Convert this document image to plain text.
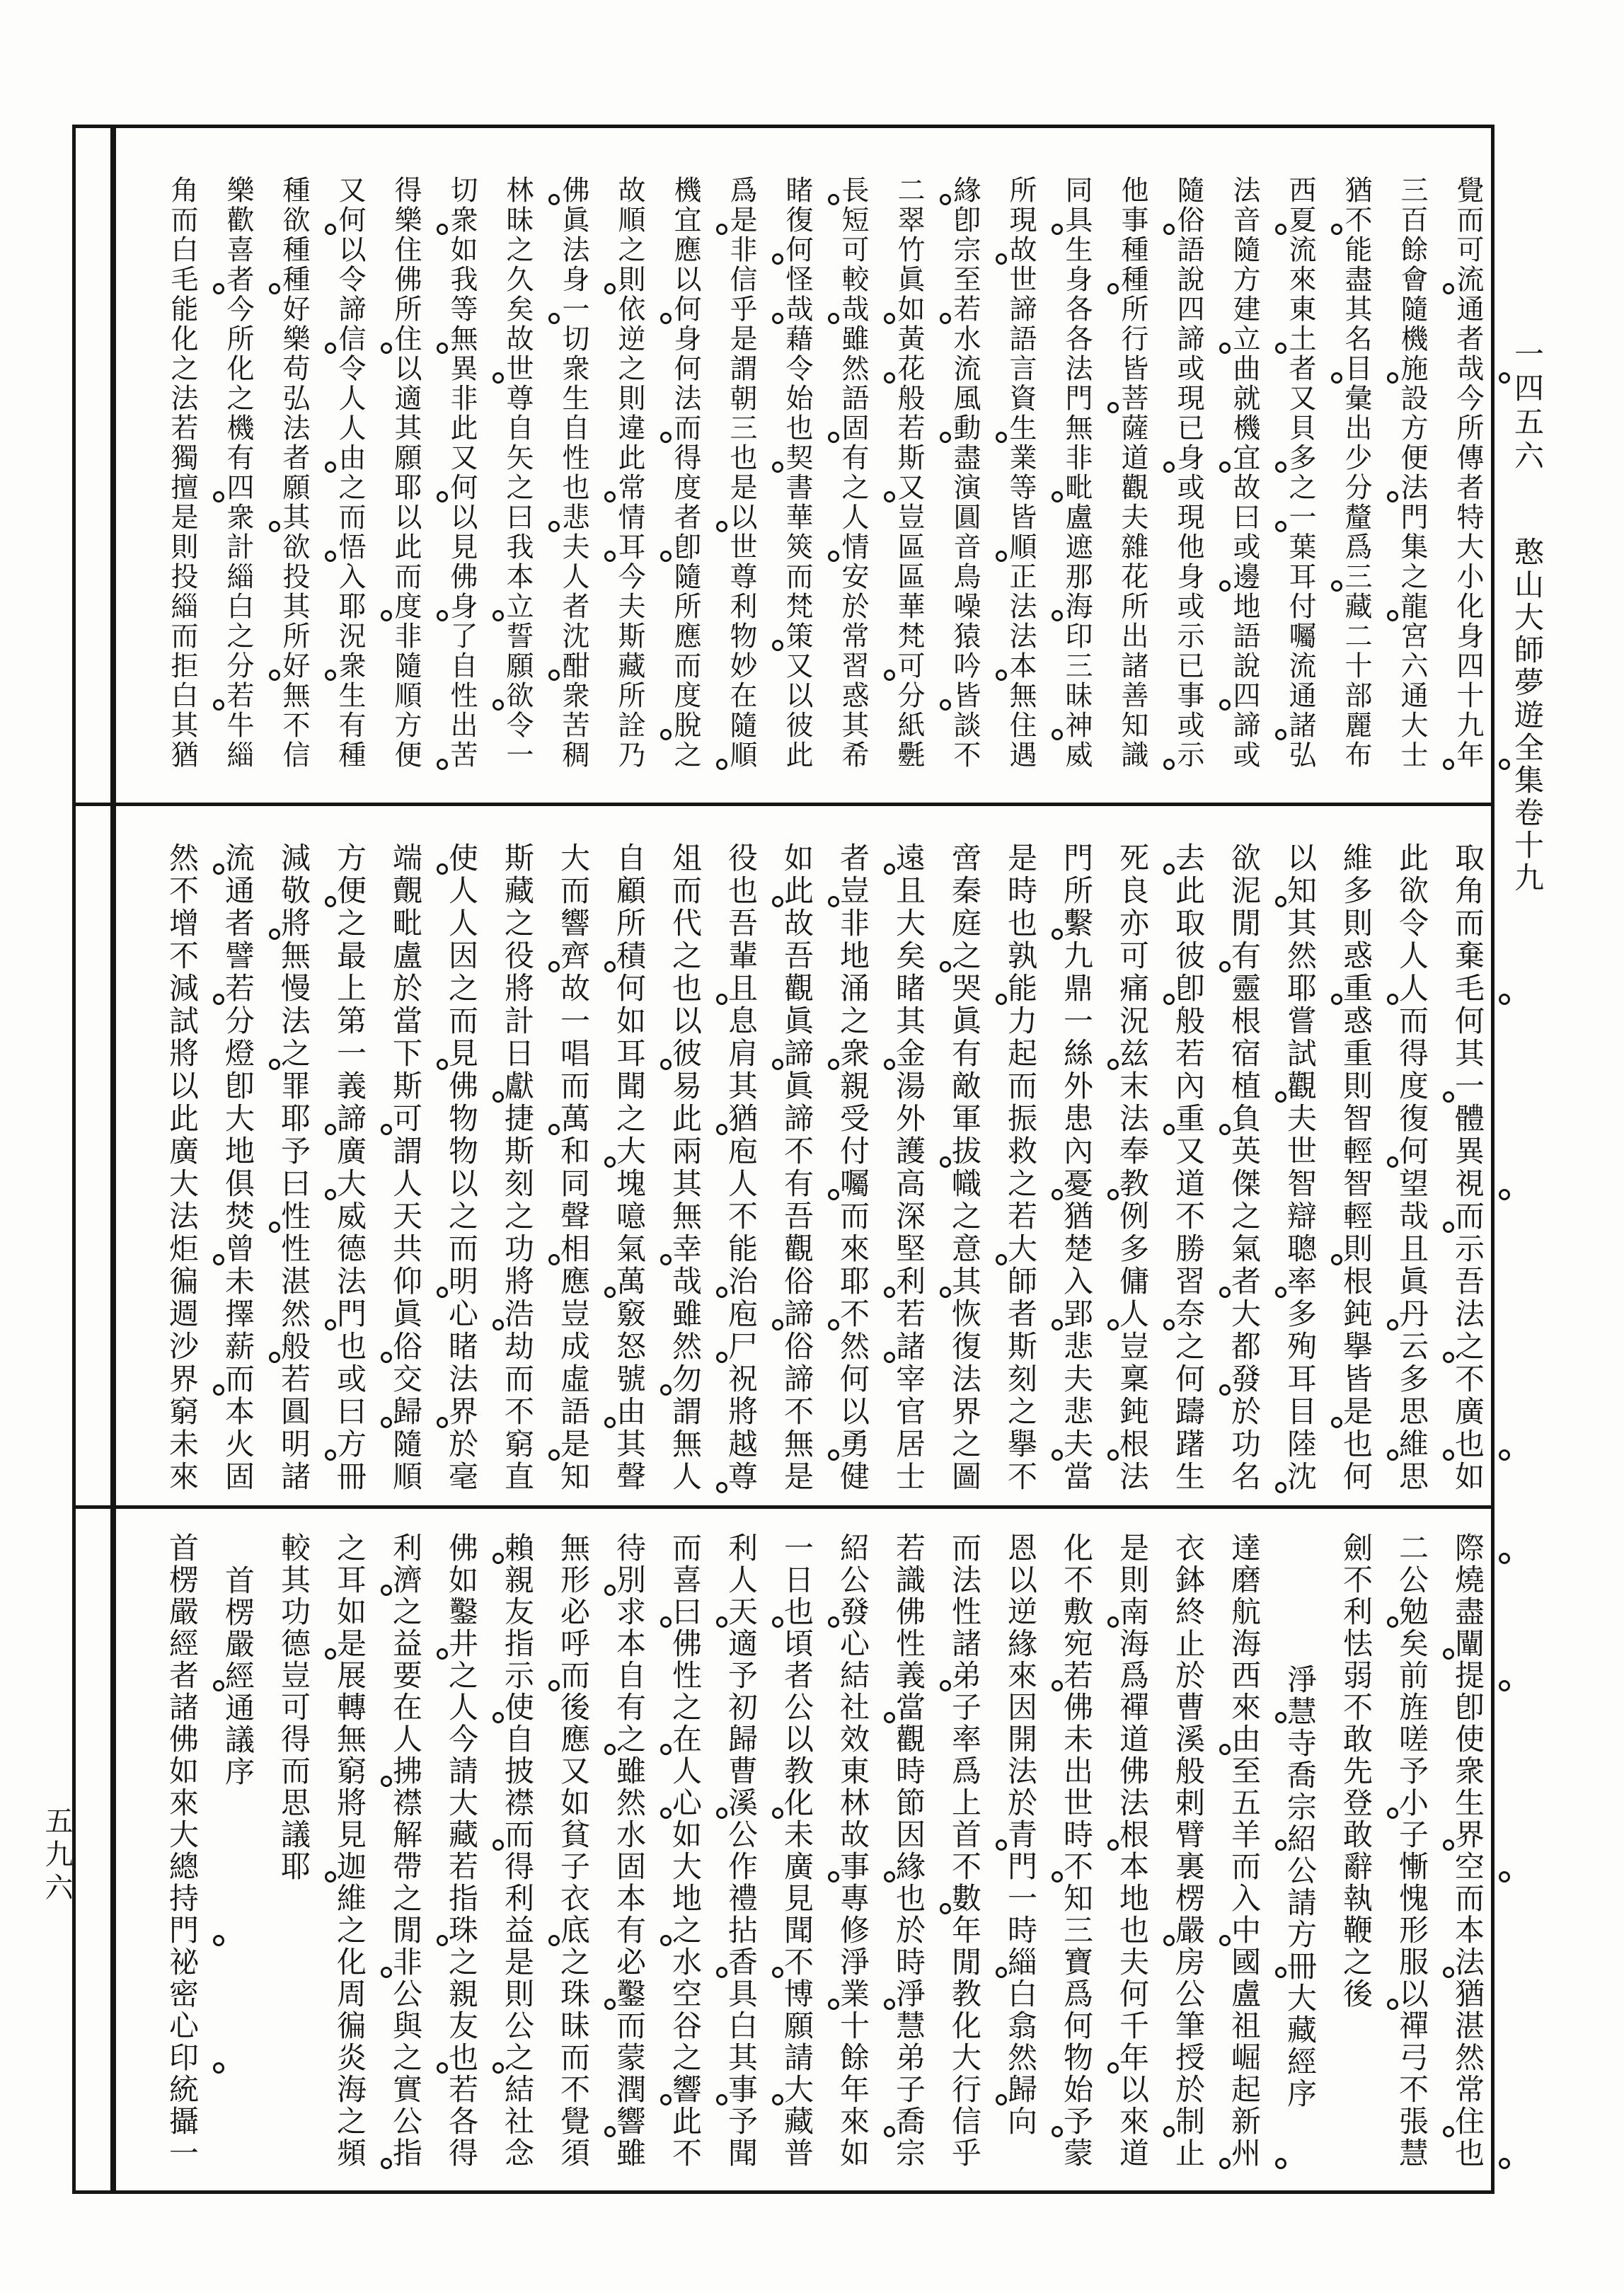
一四五六
憨山大師夢遊全集卷十九
五九六
覺而可流通者哉今所傳者特大小化身四十九年
三百餘會隨機施設方便法門集之龍宮六通大士
猶不能盡其名目彙出少分釐爲三藏二十部麗布
西夏流來東土者又貝多之一葉耳付囑流通諸弘
法音隨方建立曲就機宜故曰或邊地語說四諦或
隨俗語說四諦或現已身或現他身或示已事或示
他事種種所行皆菩薩道觀夫雜花所出諸善知識
同具生身各各法門無非毗盧遮那海印三昧神威
所現故世諦語言資生業等皆順正法法本無住遇
緣卽宗至若水流風動盡演圓音鳥噪猿吟皆談不
二翠竹眞如黃花般若斯又豈區區華梵可分紙氎
長短可較哉雖然語固有之人情安於常習惑其希
睹復何怪哉藉令始也契書華筴而梵策又以彼此
爲是非信乎是謂朝三也是以世尊利物妙在隨順
機宜應以何身何法而得度者卽隨所應而度脫之
故順之則依逆之則違此常情耳今夫斯藏所詮乃
佛眞法身一切衆生自性也悲夫人者沈酣衆苦稠
林昧之久矣故世尊自矢之曰我本立誓願欲令一
切衆如我等無異非此又何以見佛身了自性出苦
得樂住佛所住以適其願耶以此而度非隨順方便
又何以令諦信令人人由之而悟入耶況衆生有種
種欲種種好樂苟弘法者願其欲投其所好無不信
樂歡喜者今所化之機有四衆計緇白之分若牛緇
角而白毛能化之法若獨擅是則投緇而拒白其猶
取角而棄毛何其一體異視而示吾法之不廣也如
此欲令人人而得度復何望哉且眞丹云多思維思
維多則惑重惑重則智輕智輕則根鈍擧皆是也何
以知其然耶嘗試觀夫世智辯聰率多殉耳目陸沈
欲泥閒有靈根宿植負英傑之氣者大都發於功名
去此取彼卽般若內重又道不勝習奈之何躊躇生
死良亦可痛況兹末法奉教例多傭人豈稟鈍根法
門所繫九鼎一絲外患內憂猶楚入郢悲夫悲夫當
是時也孰能力起而振救之若大師者斯刻之擧不
啻秦庭之哭眞有敵軍拔幟之意其恢復法界之圖
遠且大矣睹其金湯外護高深堅利若諸宰官居士
者豈非地涌之衆親受付囑而來耶不然何以勇健
如此故吾觀眞諦眞諦不有吾觀俗諦俗諦不無是
役也吾輩且息肩其猶庖人不能治庖尸祝將越尊
俎而代之也以彼易此兩其無幸哉雖然勿謂無人
自顧所積何如耳聞之大塊噫氣萬竅怒號由其聲
大而響齊故一唱而萬和同聲相應豈成虛語是知
斯藏之役將計日獻捷斯刻之功將浩劫而不窮直
使人人因之而見佛物物以之而明心睹法界於毫
端覿毗盧於當下斯可謂人天共仰眞俗交歸隨順
方便之最上第一義諦廣大威德法門也或曰方冊
減敬將無慢法之罪耶予曰性性湛然般若圓明諸
流通者譬若分燈卽大地俱焚曾未擇薪而本火固
然不增不減試將以此廣大法炬徧週沙界窮未來
際燒盡闡提卽使衆生界空而本法猶湛然常住也
二公勉矣前旌嗟予小子慚愧形服以禪弓不張慧
劍不利怯弱不敢先登敢辭執鞭之後
淨慧寺喬宗紹公請方冊大藏經序
達磨航海西來由至五羊而入中國盧祖崛起新州
衣鉢終止於曹溪般剌臂裏楞嚴房公筆授於制止
是則南海爲禪道佛法根本地也夫何千年以來道
化不敷宛若佛未出世時不知三寶爲何物始予蒙
恩以逆緣來因開法於青門一時緇白翕然歸向
而法性諸弟子率爲上首不數年閒教化大行信乎
若識佛性義當觀時節因緣也於時淨慧弟子喬宗
紹公發心結社效東林故事專修淨業十餘年來如
一日也頃者公以教化未廣見聞不博願請大藏普
利人天適予初歸曹溪公作禮拈香具白其事予聞
而喜曰佛性之在人心如大地之水空谷之響此不
待別求本自有之雖然水固本有必鑿而蒙潤響雖
無形必呼而後應又如貧子衣底之珠昧而不覺須
賴親友指示使自披襟而得利益是則公之結社念
佛如鑿井之人今請大藏若指珠之親友也若各得
利濟之益要在人拂襟解帶之閒非公與之實公指
之耳如是展轉無窮將見迦維之化周徧炎海之頻
較其功德豈可得而思議耶
首楞嚴經通議序
首楞嚴經者諸佛如來大總持門祕密心印統攝一
